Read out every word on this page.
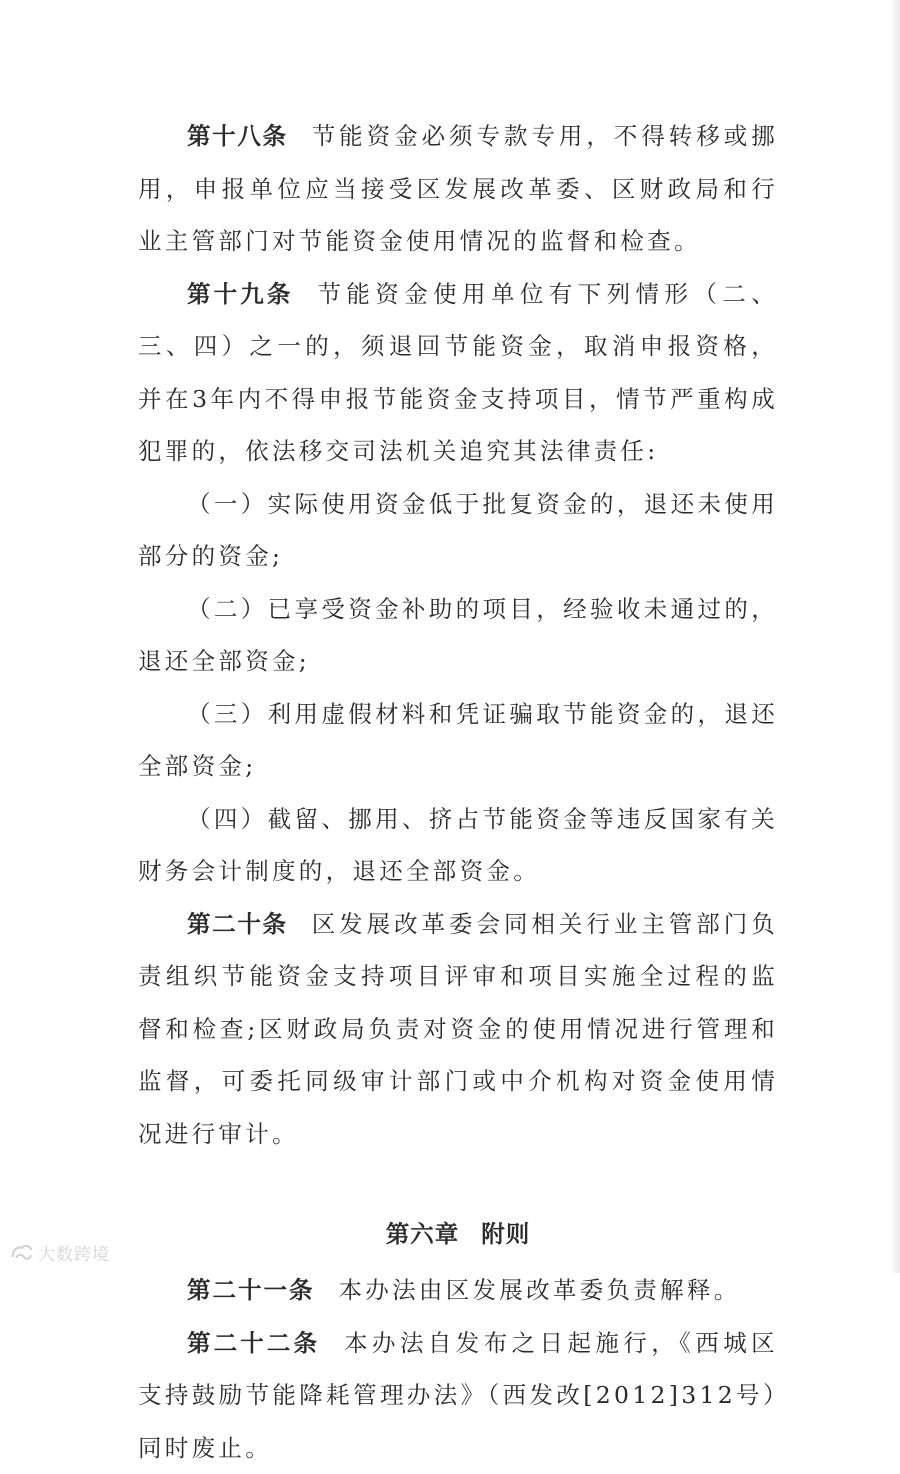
第十八条 节能资金必须专款专用，不得转移或挪用，申报单位应当接受区发展改革委、区财政局和行业主管部门对节能资金使用情况的监督和检查。

第十九条 节能资金使用单位有下列情形（二、三、四）之一的，须退回节能资金，取消申报资格，并在3年内不得申报节能资金支持项目，情节严重构成犯罪的，依法移交司法机关追究其法律责任:

（一）实际使用资金低于批复资金的，退还未使用部分的资金;

（二）已享受资金补助的项目，经验收未通过的，退还全部资金;

（三）利用虚假材料和凭证骗取节能资金的，退还全部资金;

（四）截留、挪用、挤占节能资金等违反国家有关财务会计制度的，退还全部资金。

第二十条 区发展改革委会同相关行业主管部门负责组织节能资金支持项目评审和项目实施全过程的监督和检查;区财政局负责对资金的使用情况进行管理和监督，可委托同级审计部门或中介机构对资金使用情况进行审计。

第六章 附则

第二十一条 本办法由区发展改革委负责解释。

第二十二条 本办法自发布之日起施行，《西城区支持鼓励节能降耗管理办法》（西发改[2012]312号）同时废止。

大数跨境
